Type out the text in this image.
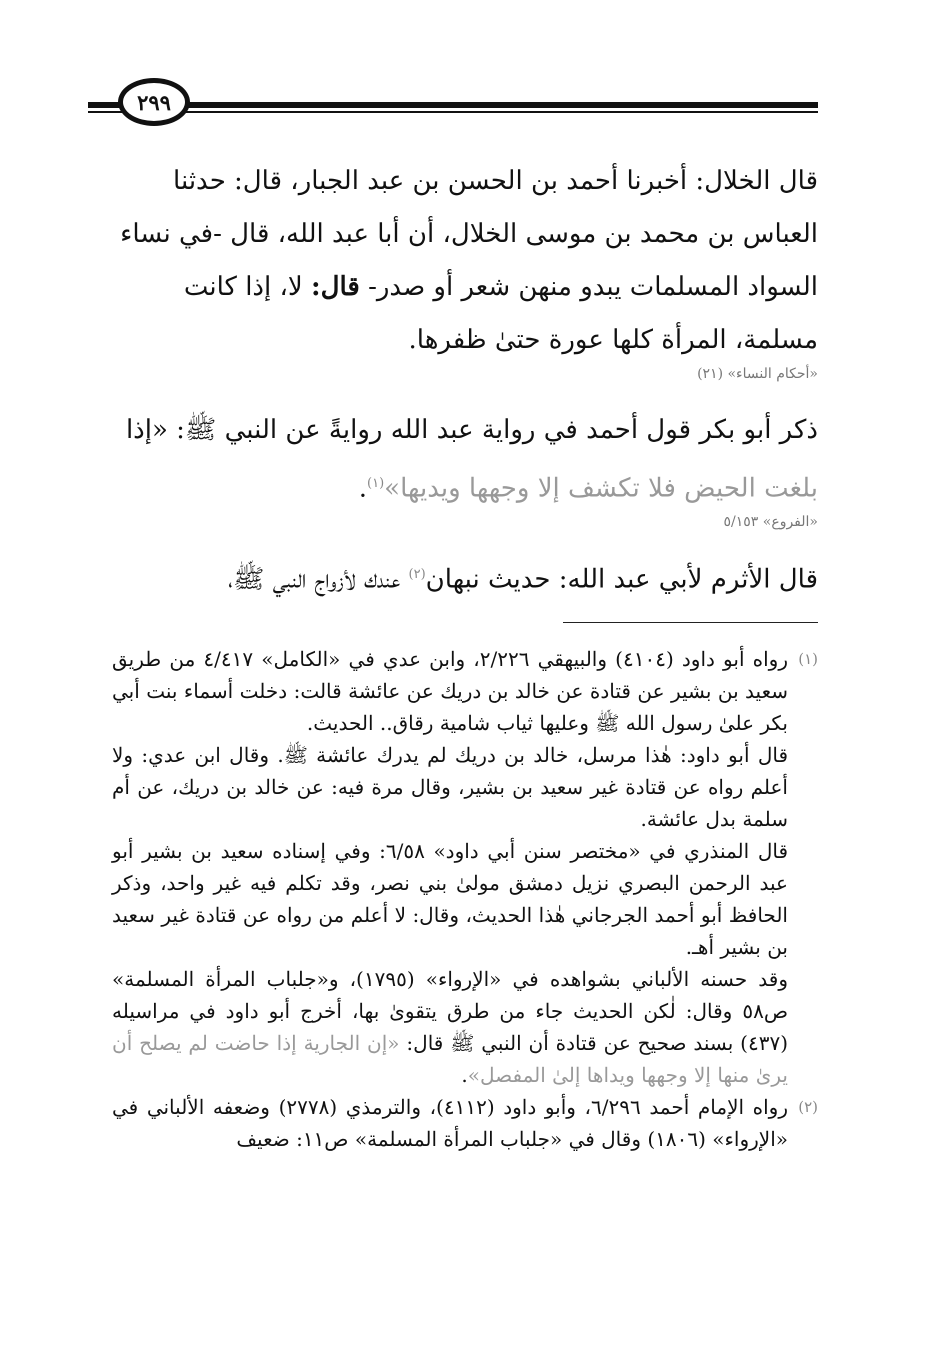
٢٩٩
قال الخلال: أخبرنا أحمد بن الحسن بن عبد الجبار، قال: حدثنا
العباس بن محمد بن موسى الخلال، أن أبا عبد الله، قال -في نساء
السواد المسلمات يبدو منهن شعر أو صدر- قال: لا، إذا كانت
مسلمة، المرأة كلها عورة حتىٰ ظفرها.
«أحكام النساء» (٢١)
ذكر أبو بكر قول أحمد في رواية عبد الله روايةً عن النبي ﷺ: «إذا
بلغت الحيض فلا تكشف إلا وجهها ويديها»$^{(١)}$.
«الفروع» ٥/١٥٣
قال الأثرم لأبي عبد الله: حديث نبهان$^{(٢)}$ عندك لأزواج النبي ﷺ،
(١)

رواه أبو داود (٤١٠٤) والبيهقي ٢/٢٢٦، وابن عدي في «الكامل» ٤/٤١٧ من طريق سعيد بن بشير عن قتادة عن خالد بن دريك عن عائشة قالت: دخلت أسماء بنت أبي بكر علىٰ رسول الله ﷺ وعليها ثياب شامية رقاق.. الحديث.

قال أبو داود: هٰذا مرسل، خالد بن دريك لم يدرك عائشة ﷺ. وقال ابن عدي: ولا أعلم رواه عن قتادة غير سعيد بن بشير، وقال مرة فيه: عن خالد بن دريك، عن أم سلمة بدل عائشة.

قال المنذري في «مختصر سنن أبي داود» ٦/٥٨: وفي إسناده سعيد بن بشير أبو عبد الرحمن البصري نزيل دمشق مولىٰ بني نصر، وقد تكلم فيه غير واحد، وذكر الحافظ أبو أحمد الجرجاني هٰذا الحديث، وقال: لا أعلم من رواه عن قتادة غير سعيد بن بشير أهـ.

وقد حسنه الألباني بشواهده في «الإرواء» (١٧٩٥)، و«جلباب المرأة المسلمة» ص٥٨ وقال: لٰكن الحديث جاء من طرق يتقوىٰ بها، أخرج أبو داود في مراسيله (٤٣٧) بسند صحيح عن قتادة أن النبي ﷺ قال: «إن الجارية إذا حاضت لم يصلح أن يرىٰ منها إلا وجهها ويداها إلىٰ المفصل».

(٢)

رواه الإمام أحمد ٦/٢٩٦، وأبو داود (٤١١٢)، والترمذي (٢٧٧٨) وضعفه الألباني في «الإرواء» (١٨٠٦) وقال في «جلباب المرأة المسلمة» ص١١: ضعيف
